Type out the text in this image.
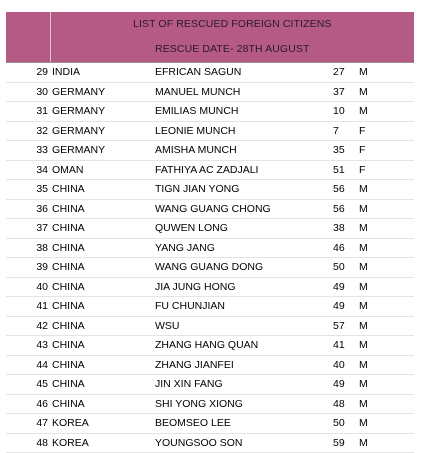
	LIST OF RESCUED FOREIGN CITIZENS			
	RESCUE DATE- 28TH AUGUST			
29	INDIA	EFRICAN SAGUN	27	M
30	GERMANY	MANUEL MUNCH	37	M
31	GERMANY	EMILIAS MUNCH	10	M
32	GERMANY	LEONIE MUNCH	7	F
33	GERMANY	AMISHA MUNCH	35	F
34	OMAN	FATHIYA AC ZADJALI	51	F
35	CHINA	TIGN JIAN YONG	56	M
36	CHINA	WANG GUANG CHONG	56	M
37	CHINA	QUWEN LONG	38	M
38	CHINA	YANG JANG	46	M
39	CHINA	WANG GUANG DONG	50	M
40	CHINA	JIA JUNG HONG	49	M
41	CHINA	FU CHUNJIAN	49	M
42	CHINA	WSU	57	M
43	CHINA	ZHANG HANG QUAN	41	M
44	CHINA	ZHANG JIANFEI	40	M
45	CHINA	JIN XIN FANG	49	M
46	CHINA	SHI YONG XIONG	48	M
47	KOREA	BEOMSEO LEE	50	M
48	KOREA	YOUNGSOO SON	59	M
